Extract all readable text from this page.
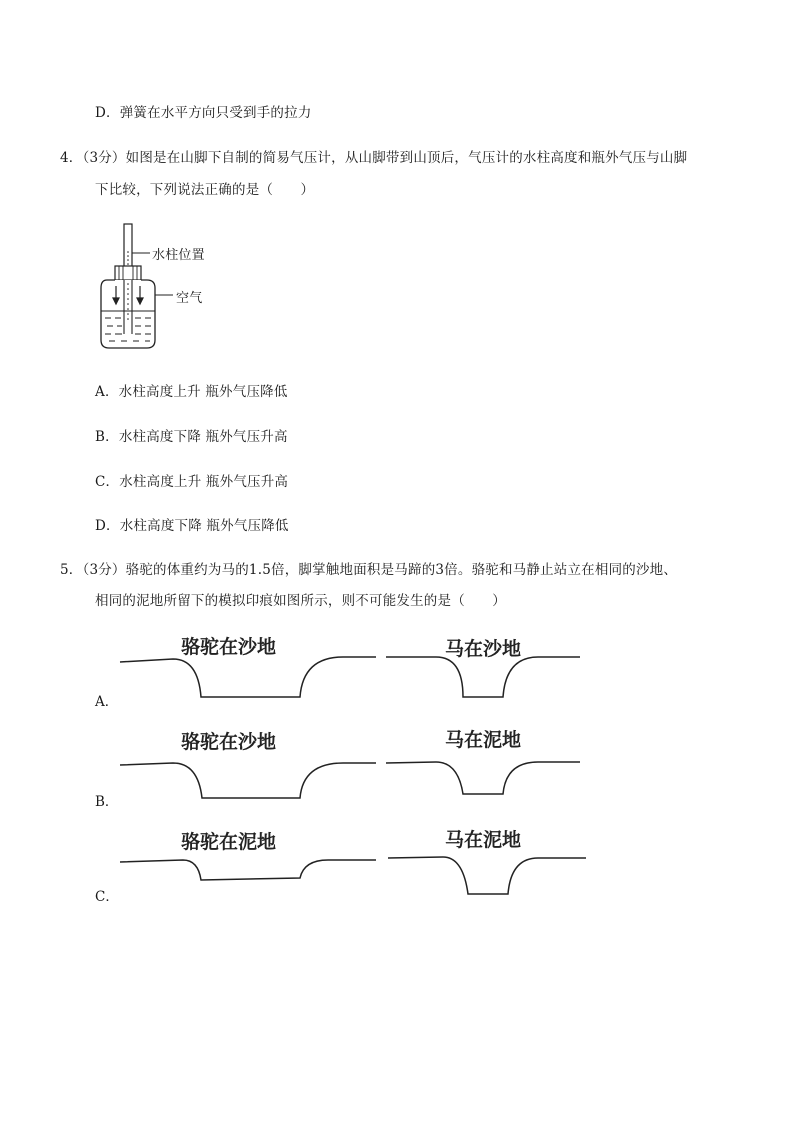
D．弹簧在水平方向只受到手的拉力
4．（3分）如图是在山脚下自制的简易气压计，从山脚带到山顶后，气压计的水柱高度和瓶外气压与山脚
下比较，下列说法正确的是（　　）
水柱位置
空气
A．水柱高度上升 瓶外气压降低
B．水柱高度下降 瓶外气压升高
C．水柱高度上升 瓶外气压升高
D．水柱高度下降 瓶外气压降低
5．（3分）骆驼的体重约为马的1.5倍，脚掌触地面积是马蹄的3倍。骆驼和马静止站立在相同的沙地、
相同的泥地所留下的模拟印痕如图所示，则不可能发生的是（　　）
骆驼在沙地	马在沙地
A．
骆驼在沙地	马在泥地
B．
骆驼在泥地	马在泥地
C．
